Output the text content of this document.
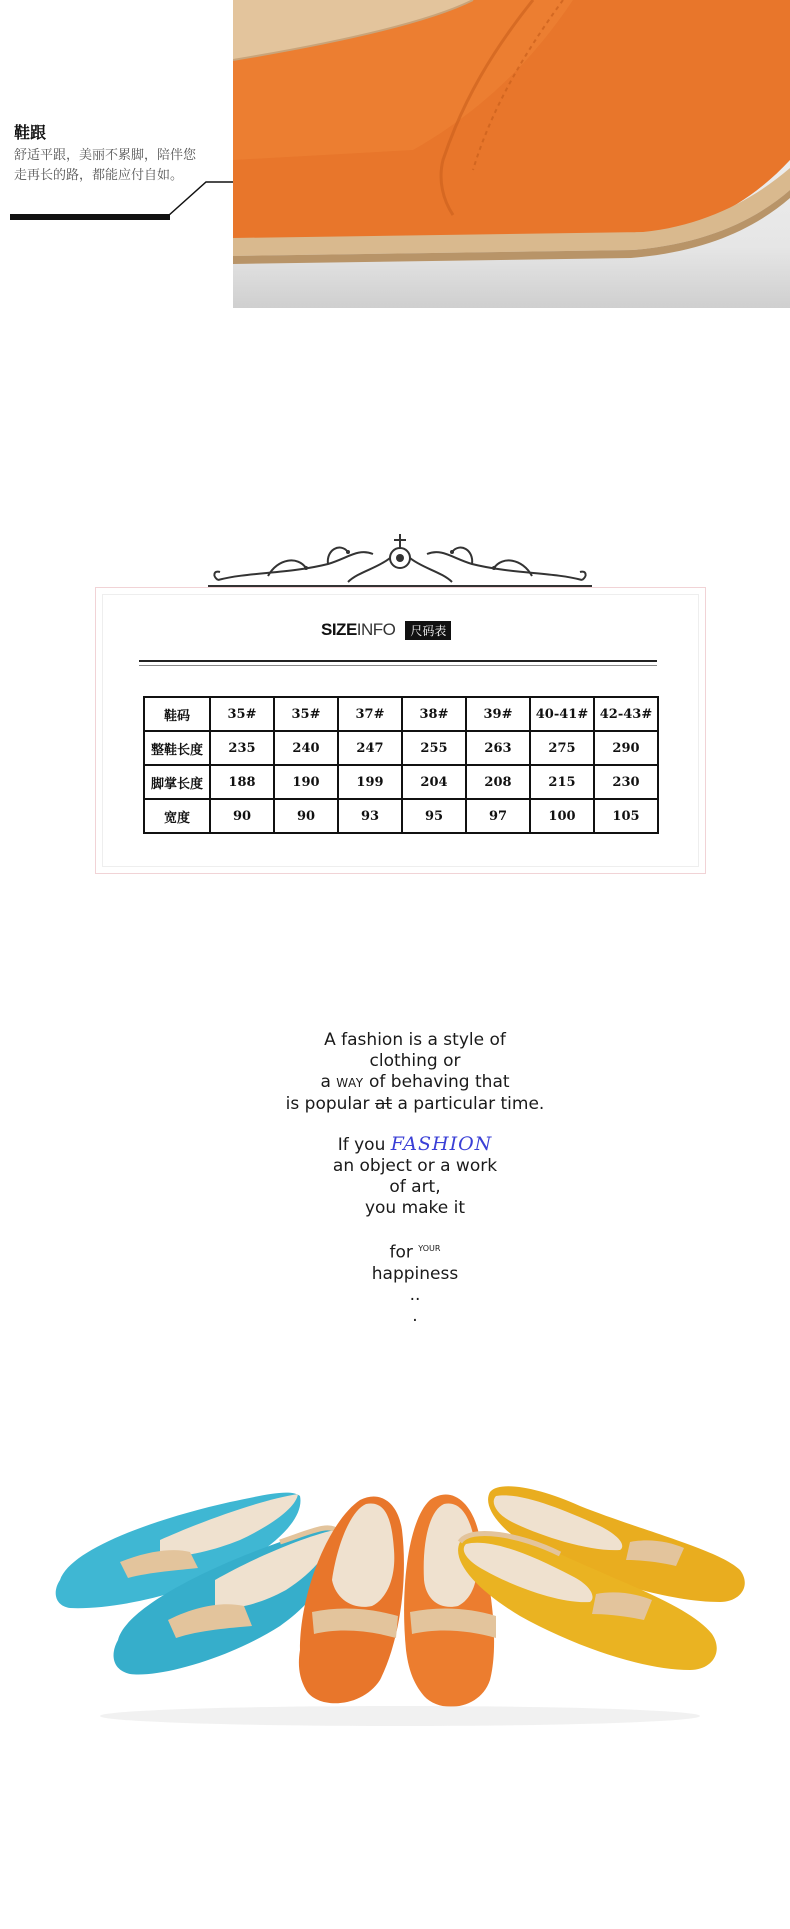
鞋跟
舒适平跟，美丽不累脚，陪伴您走再长的路，都能应付自如。
SIZE INFO	尺码表
鞋码	35#	35#	37#	38#	39#	40-41#	42-43#
整鞋长度	235	240	247	255	263	275	290
脚掌长度	188	190	199	204	208	215	230
宽度	90	90	93	95	97	100	105
A fashion is a style of
clothing or
a WAY of behaving that
is popular at a particular time.
If you FASHION
an object or a work
of art,
you make it
for $^{YOUR}$
happiness
..
.
